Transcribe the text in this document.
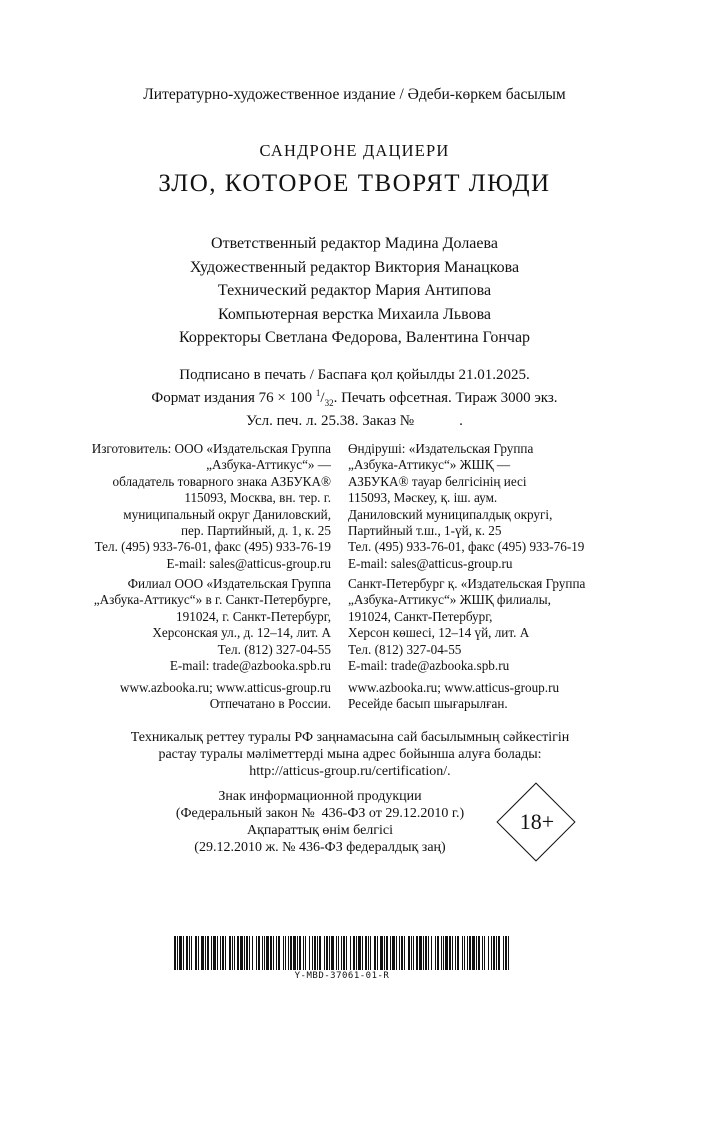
Литературно-художественное издание / Әдеби-көркем басылым
САНДРОНЕ ДАЦИЕРИ
ЗЛО, КОТОРОЕ ТВОРЯТ ЛЮДИ
Ответственный редактор Мадина Долаева
Художественный редактор Виктория Манацкова
Технический редактор Мария Антипова
Компьютерная верстка Михаила Львова
Корректоры Светлана Федорова, Валентина Гончар
Подписано в печать / Баспаға қол қойылды 21.01.2025.
Формат издания 76 × 100 $^1/_{32}$. Печать офсетная. Тираж 3000 экз.
Усл. печ. л. 25.38. Заказ №            .
Изготовитель: ООО «Издательская Группа
„Азбука-Аттикус“» —
обладатель товарного знака АЗБУКА®
115093, Москва, вн. тер. г.
муниципальный округ Даниловский,
пер. Партийный, д. 1, к. 25
Тел. (495) 933-76-01, факс (495) 933-76-19
E-mail: sales@atticus-group.ru
Филиал ООО «Издательская Группа
„Азбука-Аттикус“» в г. Санкт-Петербурге,
191024, г. Санкт-Петербург,
Херсонская ул., д. 12–14, лит. А
Тел. (812) 327-04-55
E-mail: trade@azbooka.spb.ru
www.azbooka.ru; www.atticus-group.ru
Отпечатано в России.
Өндіруші: «Издательская Группа
„Азбука-Аттикус“» ЖШҚ —
АЗБУКА® тауар белгісінің иесі
115093, Мәскеу, қ. іш. аум.
Даниловский муниципалдық округі,
Партийный т.ш., 1-үй, к. 25
Тел. (495) 933-76-01, факс (495) 933-76-19
E-mail: sales@atticus-group.ru
Санкт-Петербург қ. «Издательская Группа
„Азбука-Аттикус“» ЖШҚ филиалы,
191024, Санкт-Петербург,
Херсон көшесі, 12–14 үй, лит. А
Тел. (812) 327-04-55
E-mail: trade@azbooka.spb.ru
www.azbooka.ru; www.atticus-group.ru
Ресейде басып шығарылған.
Техникалық реттеу туралы РФ заңнамасына сай басылымның сәйкестігін
растау туралы мәліметтерді мына адрес бойынша алуға болады:
http://atticus-group.ru/certification/.
Знак информационной продукции
(Федеральный закон №  436-ФЗ от 29.12.2010 г.)
Ақпараттық өнім белгісі
(29.12.2010 ж. № 436-ФЗ федералдық заң)
18+
Y-MBD-37061-01-R
